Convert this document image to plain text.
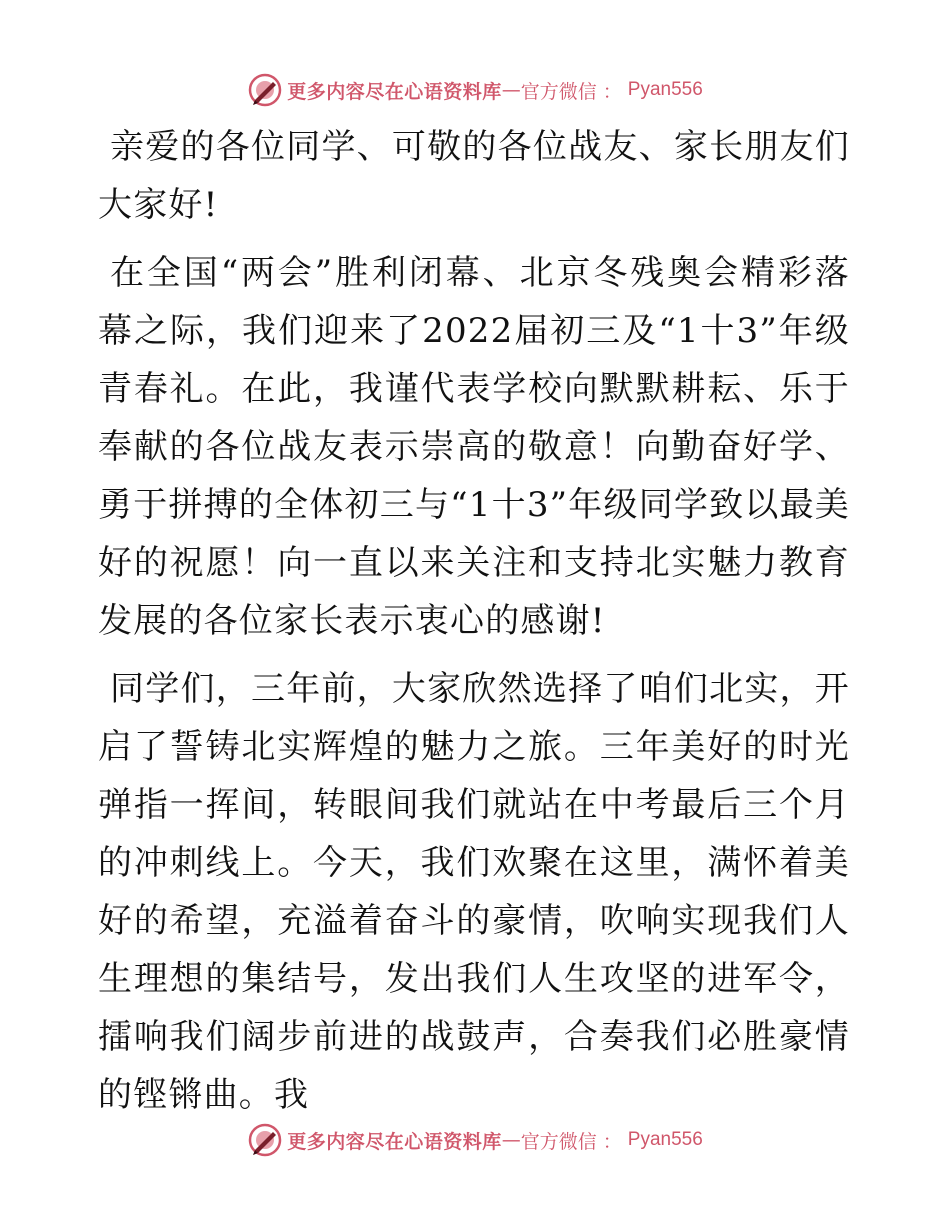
更多内容尽在心语资料库 — 官方微信 ： Pyan556

亲爱的各位同学、可敬的各位战友、家长朋友们大家好!

在全国“两会”胜利闭幕、北京冬残奥会精彩落幕之际，我们迎来了2022届初三及“1十3”年级青春礼。在此，我谨代表学校向默默耕耘、乐于奉献的各位战友表示崇高的敬意！向勤奋好学、勇于拼搏的全体初三与“1十3”年级同学致以最美好的祝愿！向一直以来关注和支持北实魅力教育发展的各位家长表示衷心的感谢!

同学们，三年前，大家欣然选择了咱们北实，开启了誓铸北实辉煌的魅力之旅。三年美好的时光弹指一挥间，转眼间我们就站在中考最后三个月的冲刺线上。今天，我们欢聚在这里，满怀着美好的希望，充溢着奋斗的豪情，吹响实现我们人生理想的集结号，发出我们人生攻坚的进军令，擂响我们阔步前进的战鼓声，合奏我们必胜豪情的铿锵曲。我

更多内容尽在心语资料库 — 官方微信 ： Pyan556
